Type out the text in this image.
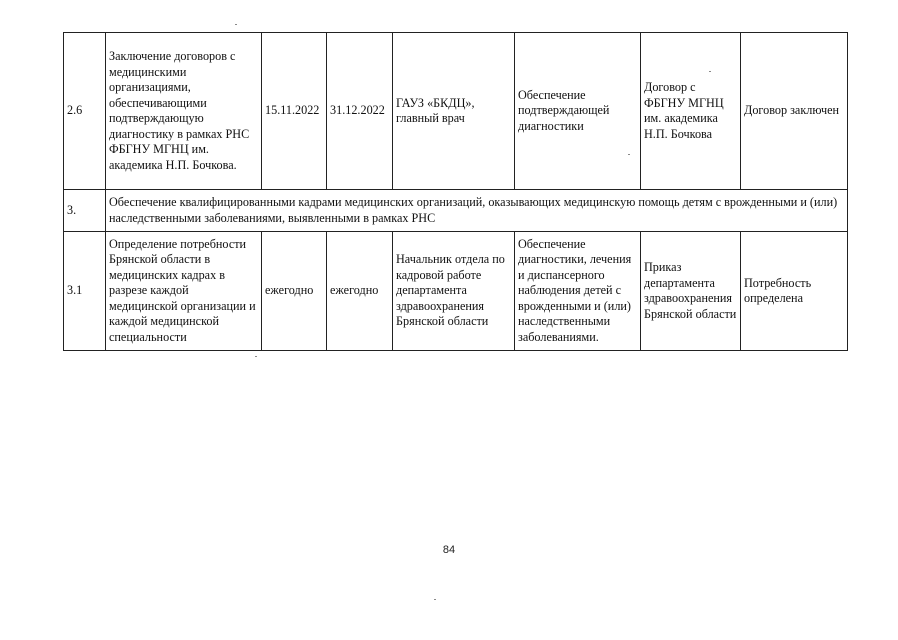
2.6	Заключение договоров с медицинскими организациями, обеспечивающими подтверждающую диагностику в рамках РНС ФБГНУ МГНЦ им. академика Н.П. Бочкова.	15.11.2022	31.12.2022	ГАУЗ «БКДЦ», главный врач	Обеспечение подтверждающей диагностики	Договор с ФБГНУ МГНЦ им. академика Н.П. Бочкова	Договор заключен
3.	Обеспечение квалифицированными кадрами медицинских организаций, оказывающих медицинскую помощь детям с врожденными и (или) наследственными заболеваниями, выявленными в рамках РНС						
3.1	Определение потребности Брянской области в медицинских кадрах в разрезе каждой медицинской организации и каждой медицинской специальности	ежегодно	ежегодно	Начальник отдела по кадровой работе департамента здравоохранения Брянской области	Обеспечение диагностики, лечения и диспансерного наблюдения детей с врожденными и (или) наследственными заболеваниями.	Приказ департамента здравоохранения Брянской области	Потребность определена
84
